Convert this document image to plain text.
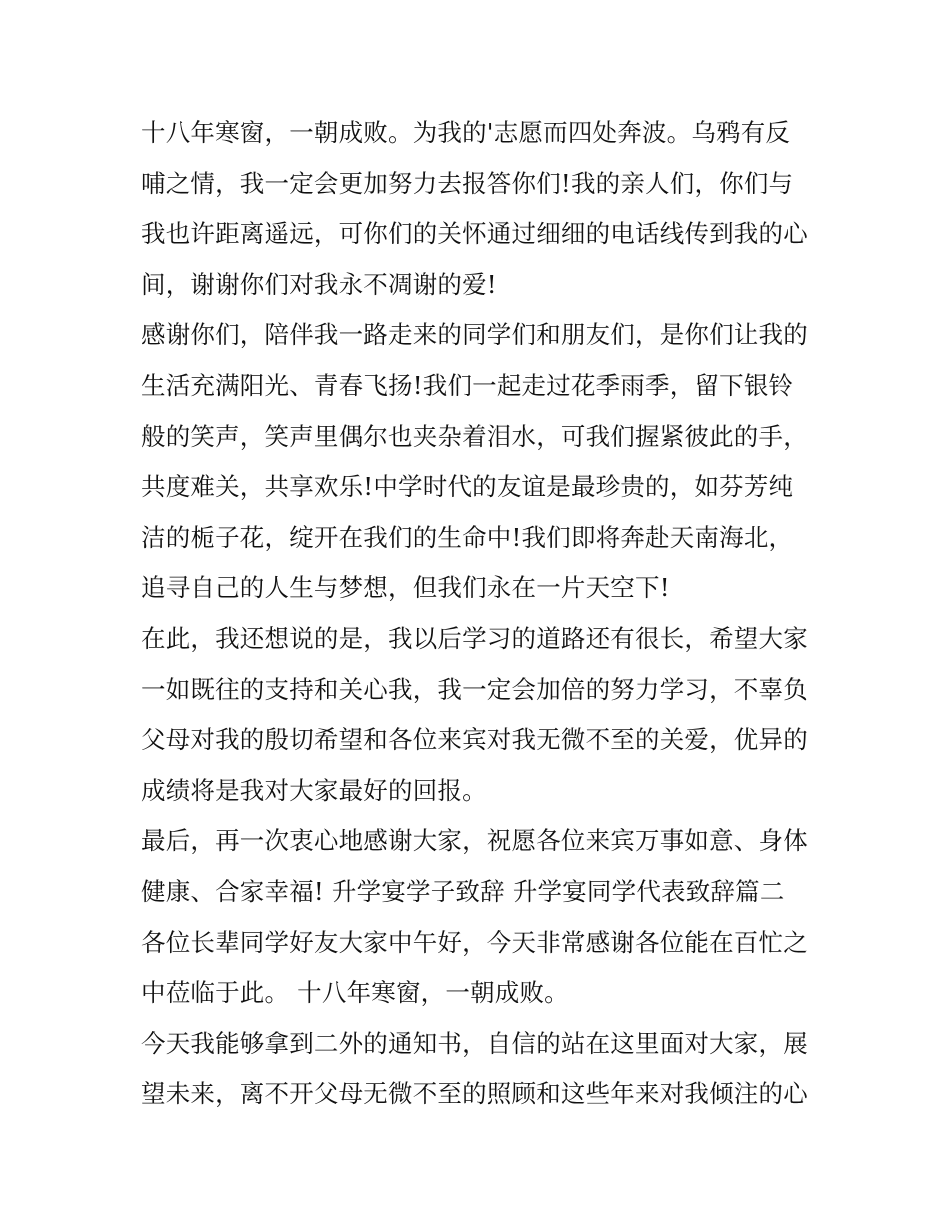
十八年寒窗，一朝成败。为我的'志愿而四处奔波。乌鸦有反
哺之情，我一定会更加努力去报答你们!我的亲人们，你们与
我也许距离遥远，可你们的关怀通过细细的电话线传到我的心
间，谢谢你们对我永不凋谢的爱!
感谢你们，陪伴我一路走来的同学们和朋友们，是你们让我的
生活充满阳光、青春飞扬!我们一起走过花季雨季，留下银铃
般的笑声，笑声里偶尔也夹杂着泪水，可我们握紧彼此的手，
共度难关，共享欢乐!中学时代的友谊是最珍贵的，如芬芳纯
洁的栀子花，绽开在我们的生命中!我们即将奔赴天南海北，
追寻自己的人生与梦想，但我们永在一片天空下!
在此，我还想说的是，我以后学习的道路还有很长，希望大家
一如既往的支持和关心我，我一定会加倍的努力学习，不辜负
父母对我的殷切希望和各位来宾对我无微不至的关爱，优异的
成绩将是我对大家最好的回报。
最后，再一次衷心地感谢大家，祝愿各位来宾万事如意、身体
健康、合家幸福! 升学宴学子致辞 升学宴同学代表致辞篇二
各位长辈同学好友大家中午好，今天非常感谢各位能在百忙之
中莅临于此。 十八年寒窗，一朝成败。
今天我能够拿到二外的通知书，自信的站在这里面对大家，展
望未来，离不开父母无微不至的照顾和这些年来对我倾注的心
